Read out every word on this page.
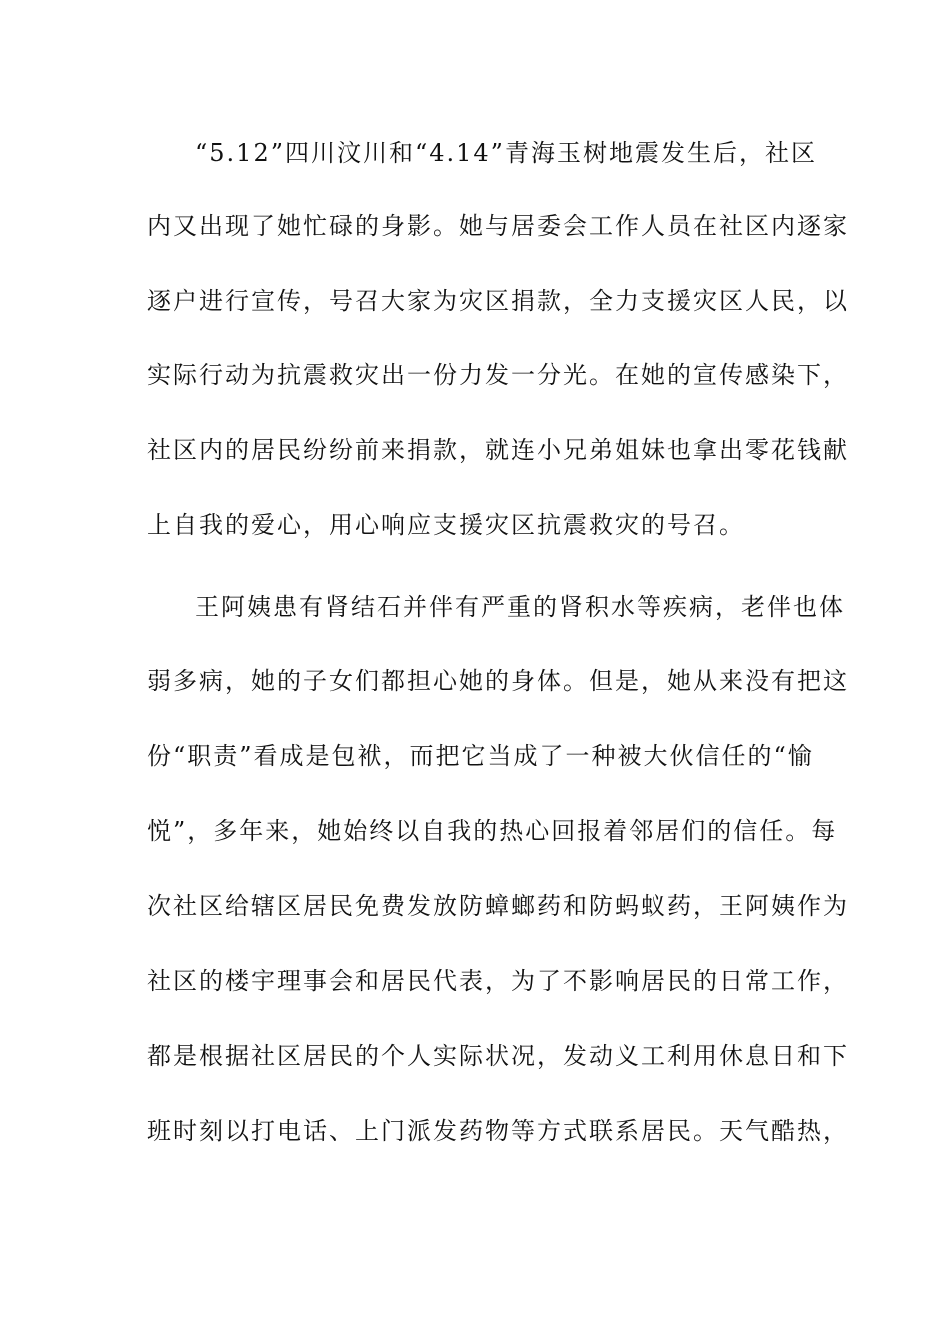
“5.12”四川汶川和“4.14”青海玉树地震发生后，社区
内又出现了她忙碌的身影。她与居委会工作人员在社区内逐家
逐户进行宣传，号召大家为灾区捐款，全力支援灾区人民，以
实际行动为抗震救灾出一份力发一分光。在她的宣传感染下，
社区内的居民纷纷前来捐款，就连小兄弟姐妹也拿出零花钱献
上自我的爱心，用心响应支援灾区抗震救灾的号召。
王阿姨患有肾结石并伴有严重的肾积水等疾病，老伴也体
弱多病，她的子女们都担心她的身体。但是，她从来没有把这
份“职责”看成是包袱，而把它当成了一种被大伙信任的“愉
悦”，多年来，她始终以自我的热心回报着邻居们的信任。每
次社区给辖区居民免费发放防蟑螂药和防蚂蚁药，王阿姨作为
社区的楼宇理事会和居民代表，为了不影响居民的日常工作，
都是根据社区居民的个人实际状况，发动义工利用休息日和下
班时刻以打电话、上门派发药物等方式联系居民。天气酷热，
